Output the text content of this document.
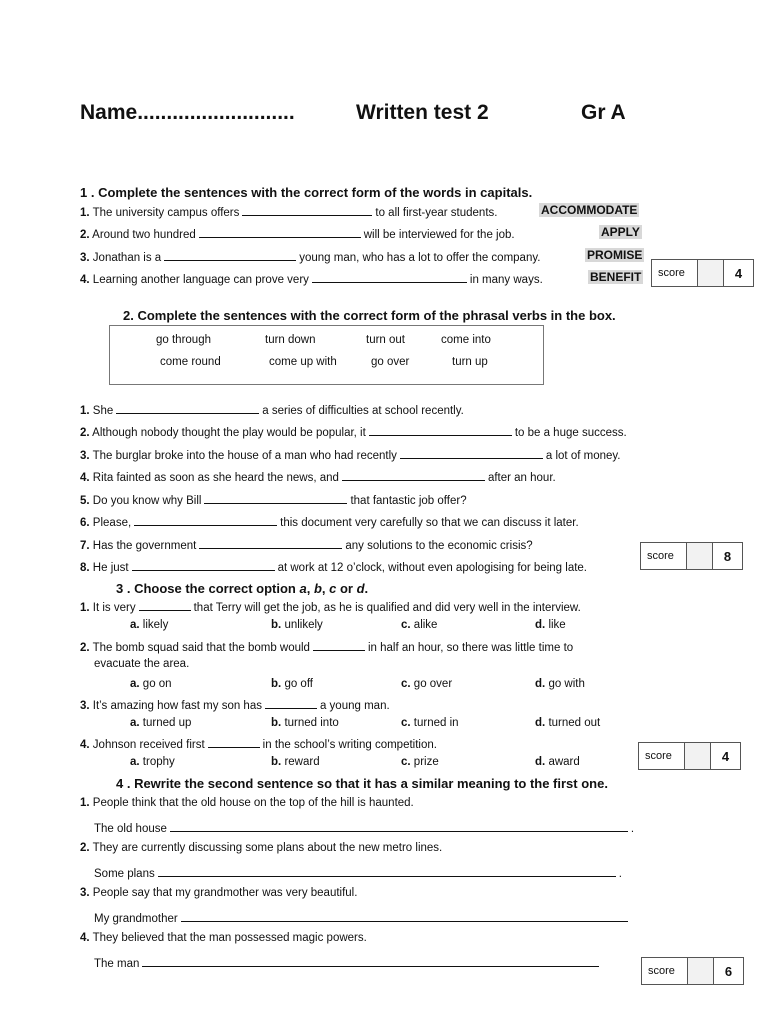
Name...........................	Written test 2	Gr A
1 . Complete the sentences with the correct form of the words in capitals.
1. The university campus offers	to all first-year students.	ACCOMMODATE
2. Around two hundred	will be interviewed for the job.	APPLY
3. Jonathan is a	young man, who has a lot to offer the company.	PROMISE
4. Learning another language can prove very	in many ways.	BENEFIT	score	4
2. Complete the sentences with the correct form of the phrasal verbs in the box.
go through	turn down	turn out	come into
come round	come up with	go over	turn up
1. She	a series of difficulties at school recently.
2. Although nobody thought the play would be popular, it	to be a huge success.
3. The burglar broke into the house of a man who had recently	a lot of money.
4. Rita fainted as soon as she heard the news, and	after an hour.
5. Do you know why Bill	that fantastic job offer?
6. Please,	this document very carefully so that we can discuss it later.
7. Has the government	any solutions to the economic crisis?
8. He just	at work at 12 o’clock, without even apologising for being late.
score	8
3 . Choose the correct option a, b, c or d.
1. It is very	that Terry will get the job, as he is qualified and did very well in the interview.
a. likely	b. unlikely	c. alike	d. like
2. The bomb squad said that the bomb would	in half an hour, so there was little time to
evacuate the area.
a. go on	b. go off	c. go over	d. go with
3. It’s amazing how fast my son has	a young man.
a. turned up	b. turned into	c. turned in	d. turned out
4. Johnson received first	in the school’s writing competition.
a. trophy	b. reward	c. prize	d. award	score	4
4 . Rewrite the second sentence so that it has a similar meaning to the first one.
1. People think that the old house on the top of the hill is haunted.
The old house	.
2. They are currently discussing some plans about the new metro lines.
Some plans	.
3. People say that my grandmother was very beautiful.
My grandmother
4. They believed that the man possessed magic powers.
The man
score	6
